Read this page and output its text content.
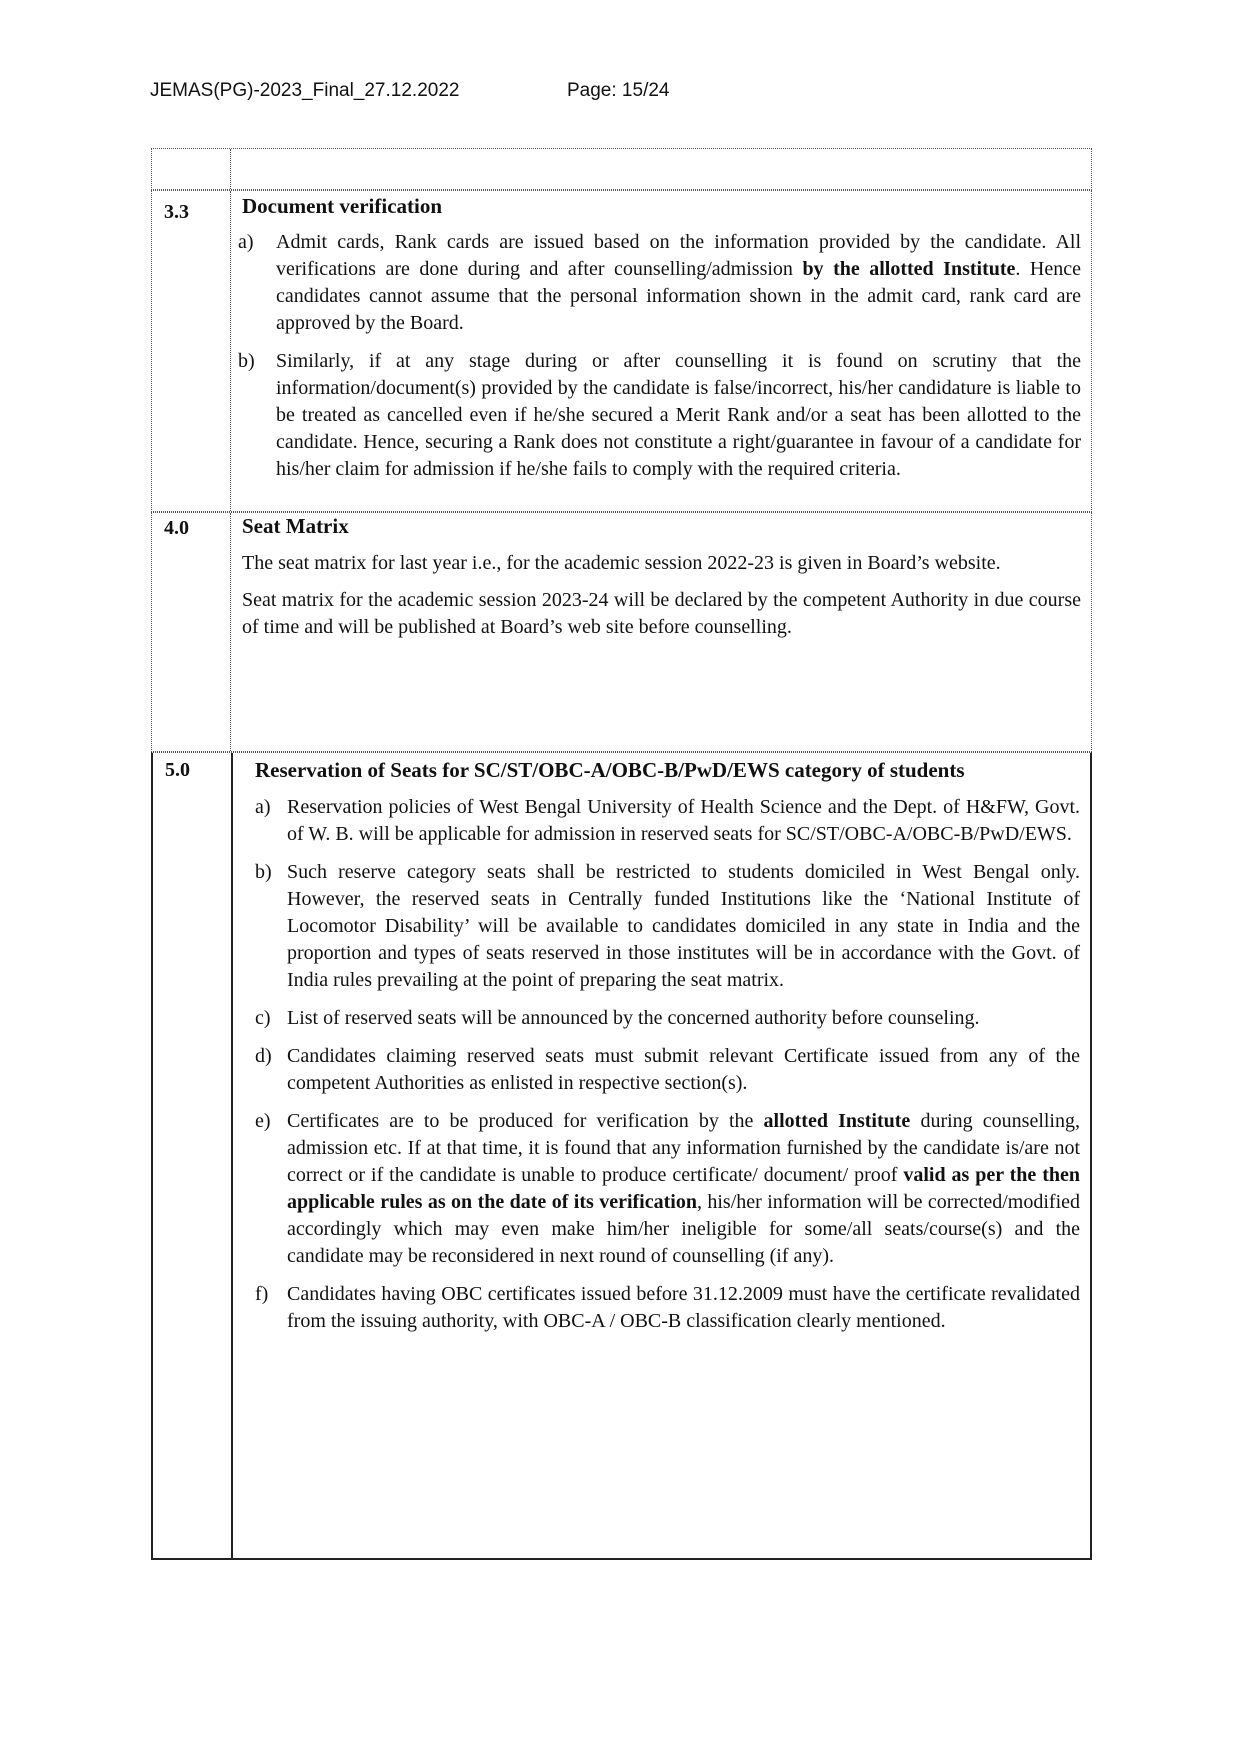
JEMAS(PG)-2023_Final_27.12.2022	Page: 15/24
3.3	Document verification
a) Admit cards, Rank cards are issued based on the information provided by the candidate. All verifications are done during and after counselling/admission by the allotted Institute. Hence candidates cannot assume that the personal information shown in the admit card, rank card are approved by the Board.
b) Similarly, if at any stage during or after counselling it is found on scrutiny that the information/document(s) provided by the candidate is false/incorrect, his/her candidature is liable to be treated as cancelled even if he/she secured a Merit Rank and/or a seat has been allotted to the candidate. Hence, securing a Rank does not constitute a right/guarantee in favour of a candidate for his/her claim for admission if he/she fails to comply with the required criteria.
4.0	Seat Matrix

The seat matrix for last year i.e., for the academic session 2022-23 is given in Board’s website.

Seat matrix for the academic session 2023-24 will be declared by the competent Authority in due course of time and will be published at Board’s web site before counselling.

5.0	Reservation of Seats for SC/ST/OBC-A/OBC-B/PwD/EWS category of students
a) Reservation policies of West Bengal University of Health Science and the Dept. of H&FW, Govt. of W. B. will be applicable for admission in reserved seats for SC/ST/OBC-A/OBC-B/PwD/EWS.
b) Such reserve category seats shall be restricted to students domiciled in West Bengal only. However, the reserved seats in Centrally funded Institutions like the ‘National Institute of Locomotor Disability’ will be available to candidates domiciled in any state in India and the proportion and types of seats reserved in those institutes will be in accordance with the Govt. of India rules prevailing at the point of preparing the seat matrix.
c) List of reserved seats will be announced by the concerned authority before counseling.
d) Candidates claiming reserved seats must submit relevant Certificate issued from any of the competent Authorities as enlisted in respective section(s).
e) Certificates are to be produced for verification by the allotted Institute during counselling, admission etc. If at that time, it is found that any information furnished by the candidate is/are not correct or if the candidate is unable to produce certificate/ document/ proof valid as per the then applicable rules as on the date of its verification, his/her information will be corrected/modified accordingly which may even make him/her ineligible for some/all seats/course(s) and the candidate may be reconsidered in next round of counselling (if any).
f) Candidates having OBC certificates issued before 31.12.2009 must have the certificate revalidated from the issuing authority, with OBC-A / OBC-B classification clearly mentioned.
